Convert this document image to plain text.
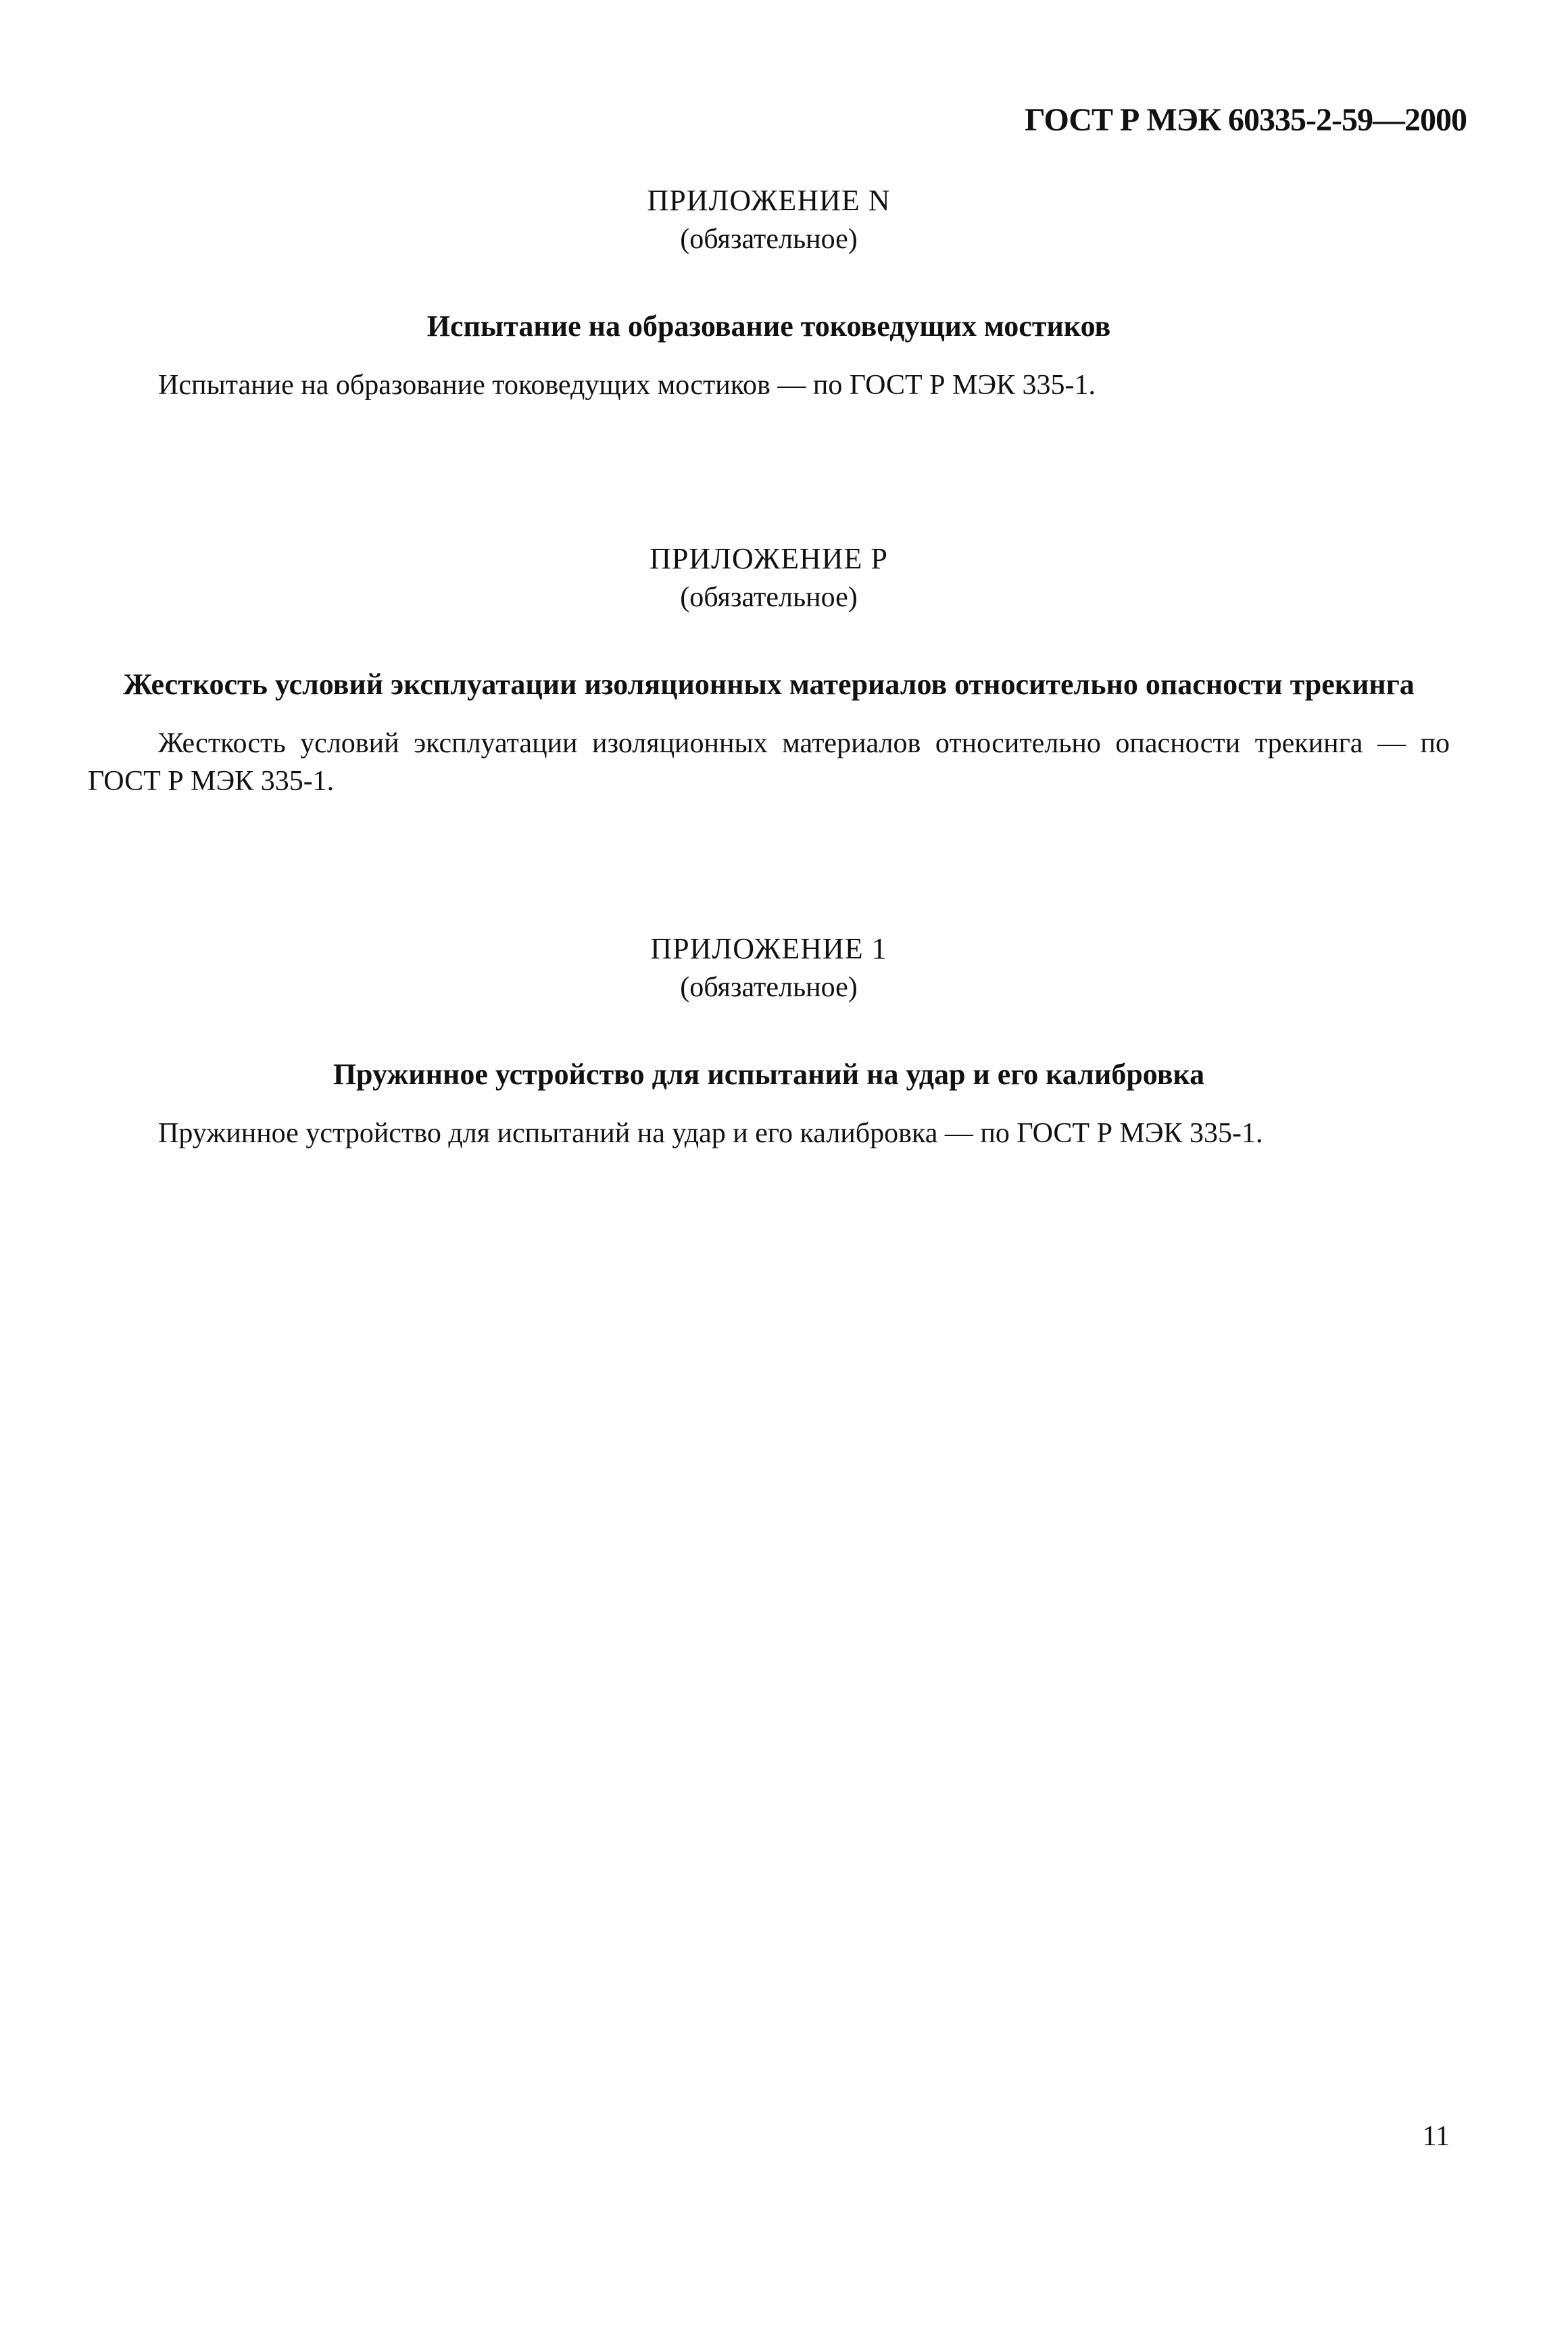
ГОСТ Р МЭК 60335-2-59—2000
ПРИЛОЖЕНИЕ N
(обязательное)
Испытание на образование токоведущих мостиков
Испытание на образование токоведущих мостиков — по ГОСТ Р МЭК 335-1.
ПРИЛОЖЕНИЕ Р
(обязательное)
Жесткость условий эксплуатации изоляционных материалов относительно опасности трекинга
Жесткость условий эксплуатации изоляционных материалов относительно опасности трекинга — по ГОСТ Р МЭК 335-1.
ПРИЛОЖЕНИЕ 1
(обязательное)
Пружинное устройство для испытаний на удар и его калибровка
Пружинное устройство для испытаний на удар и его калибровка — по ГОСТ Р МЭК 335-1.
11
